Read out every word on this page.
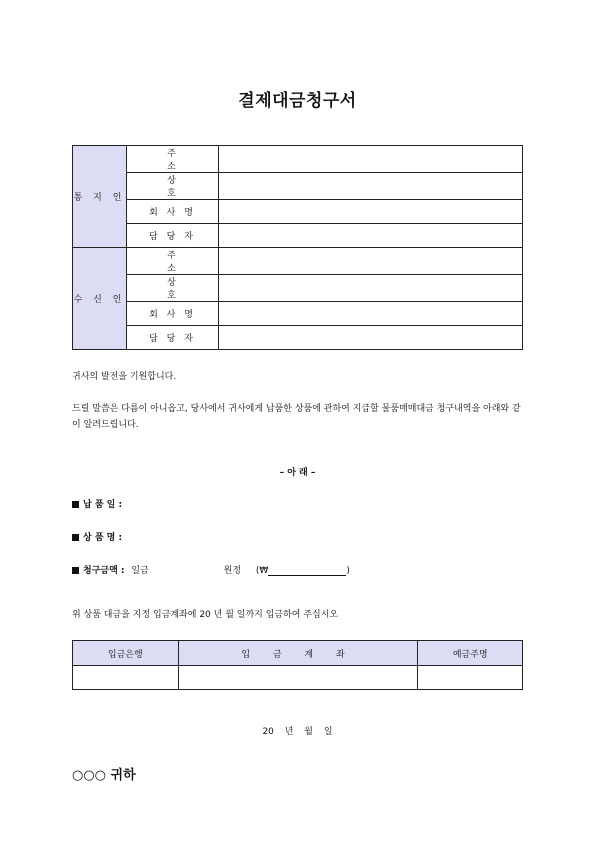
결제대금청구서
통 지 인	주 소	
	상 호	
	회 사 명	
	담 당 자	
수 신 인	주 소	
	상 호	
	회 사 명	
	담 당 자	
귀사의 발전을 기원합니다.
드릴 말씀은 다름이 아니옵고, 당사에서 귀사에게 납품한 상품에 관하여 지급할 물품매매대금 청구내역을 아래와 같이 알려드립니다.
– 아 래 –
납 품 일 :
상 품 명 :
청구금액 : 일금	원정 (₩	)
위 상품 대금을 지정 입금계좌에 20 년 월 일까지 입금하여 주십시오
입금은행	입 금 계 좌	예금주명

20 년 월 일
○○○ 귀하
